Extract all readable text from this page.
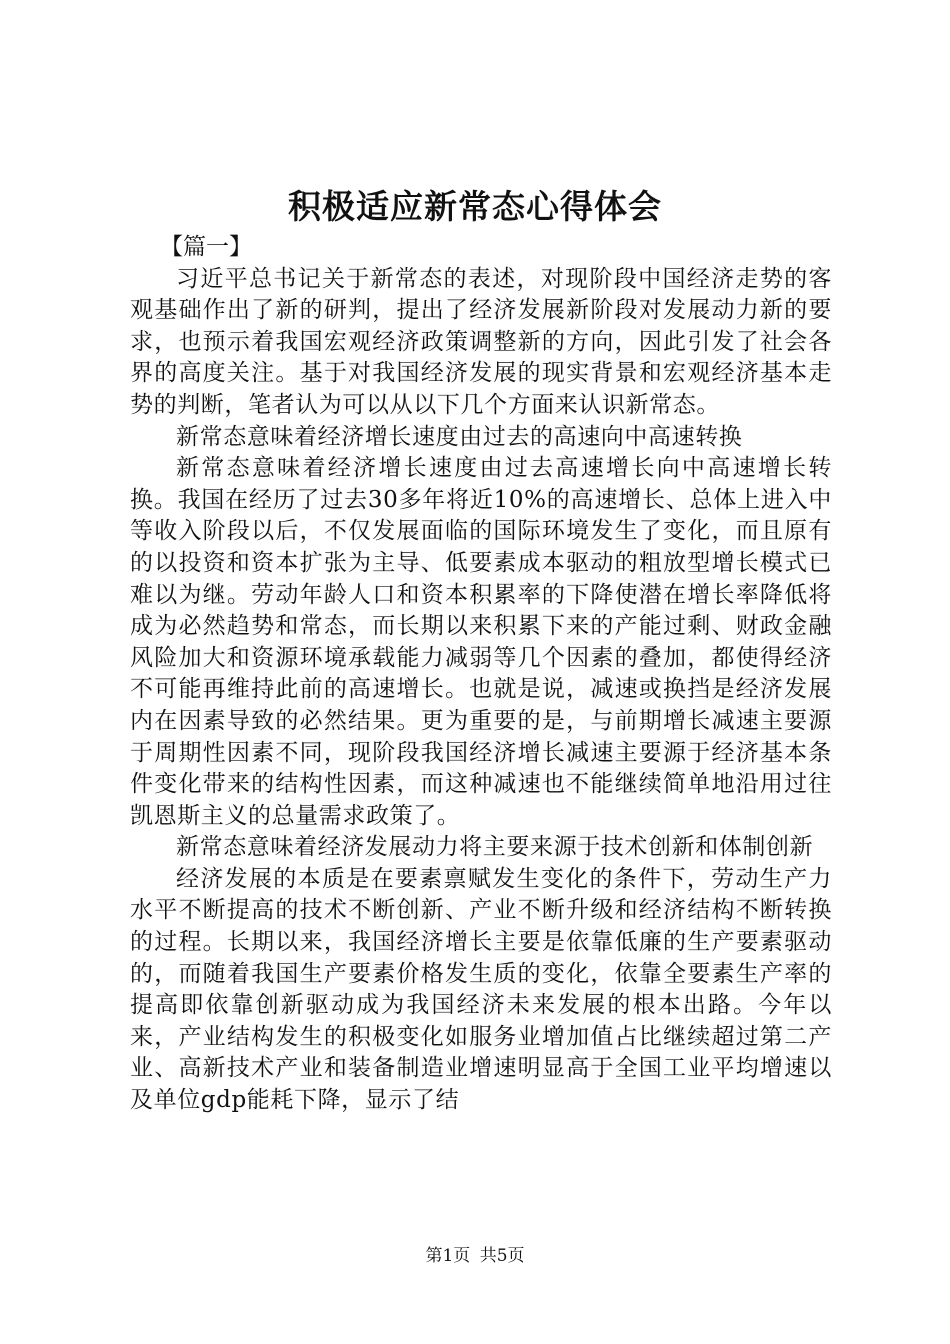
积极适应新常态心得体会

【篇一】

习近平总书记关于新常态的表述，对现阶段中国经济走势的客观基础作出了新的研判，提出了经济发展新阶段对发展动力新的要求，也预示着我国宏观经济政策调整新的方向，因此引发了社会各界的高度关注。基于对我国经济发展的现实背景和宏观经济基本走势的判断，笔者认为可以从以下几个方面来认识新常态。

新常态意味着经济增长速度由过去的高速向中高速转换

新常态意味着经济增长速度由过去高速增长向中高速增长转换。我国在经历了过去30多年将近10%的高速增长、总体上进入中等收入阶段以后，不仅发展面临的国际环境发生了变化，而且原有的以投资和资本扩张为主导、低要素成本驱动的粗放型增长模式已难以为继。劳动年龄人口和资本积累率的下降使潜在增长率降低将成为必然趋势和常态，而长期以来积累下来的产能过剩、财政金融风险加大和资源环境承载能力减弱等几个因素的叠加，都使得经济不可能再维持此前的高速增长。也就是说，减速或换挡是经济发展内在因素导致的必然结果。更为重要的是，与前期增长减速主要源于周期性因素不同，现阶段我国经济增长减速主要源于经济基本条件变化带来的结构性因素，而这种减速也不能继续简单地沿用过往凯恩斯主义的总量需求政策了。

新常态意味着经济发展动力将主要来源于技术创新和体制创新

经济发展的本质是在要素禀赋发生变化的条件下，劳动生产力水平不断提高的技术不断创新、产业不断升级和经济结构不断转换的过程。长期以来，我国经济增长主要是依靠低廉的生产要素驱动的，而随着我国生产要素价格发生质的变化，依靠全要素生产率的提高即依靠创新驱动成为我国经济未来发展的根本出路。今年以来，产业结构发生的积极变化如服务业增加值占比继续超过第二产业、高新技术产业和装备制造业增速明显高于全国工业平均增速以及单位gdp能耗下降，显示了结

第1页 共5页
